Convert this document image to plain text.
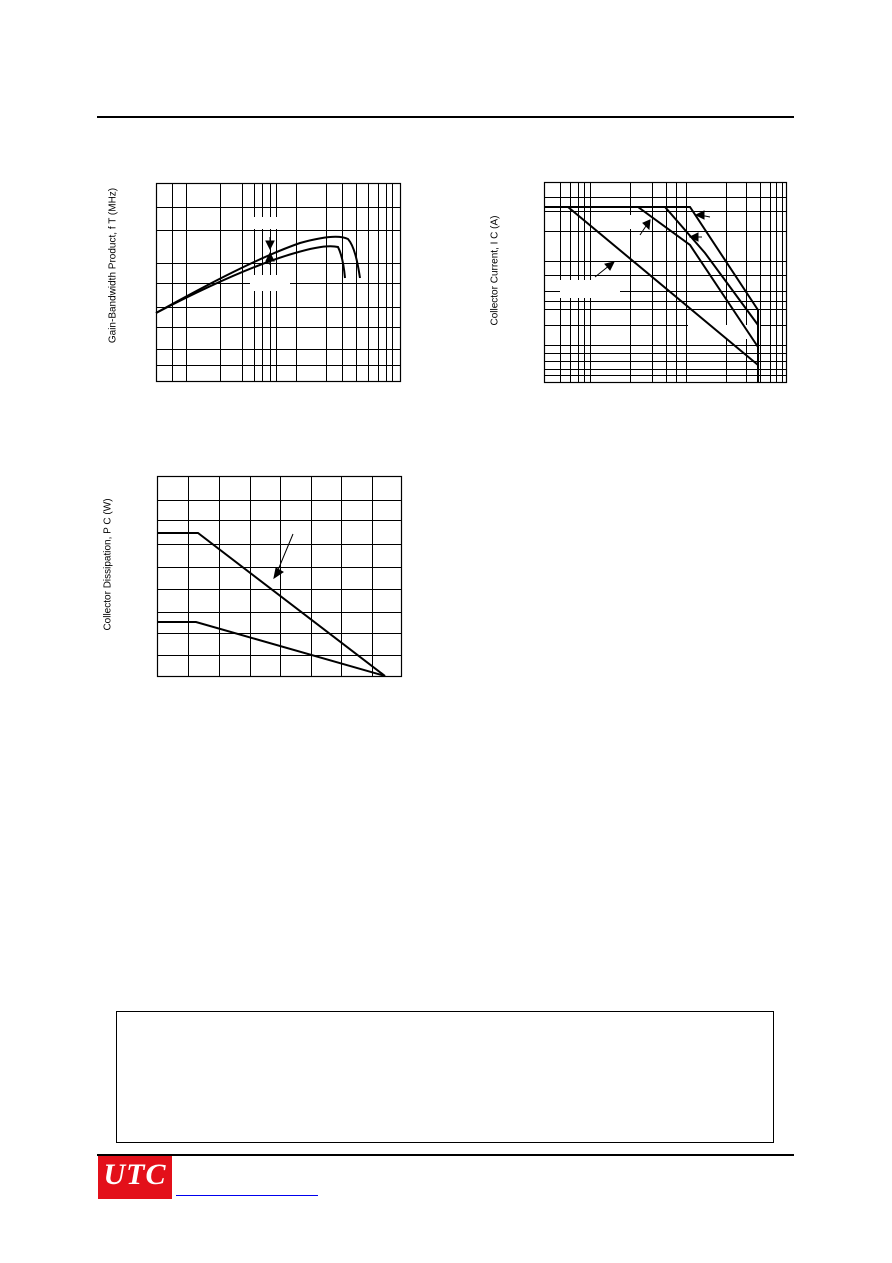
Gain-Bandwidth Product, f T (MHz)	Collector Current, I C (A)
Collector Dissipation, P C (W)
UTC
